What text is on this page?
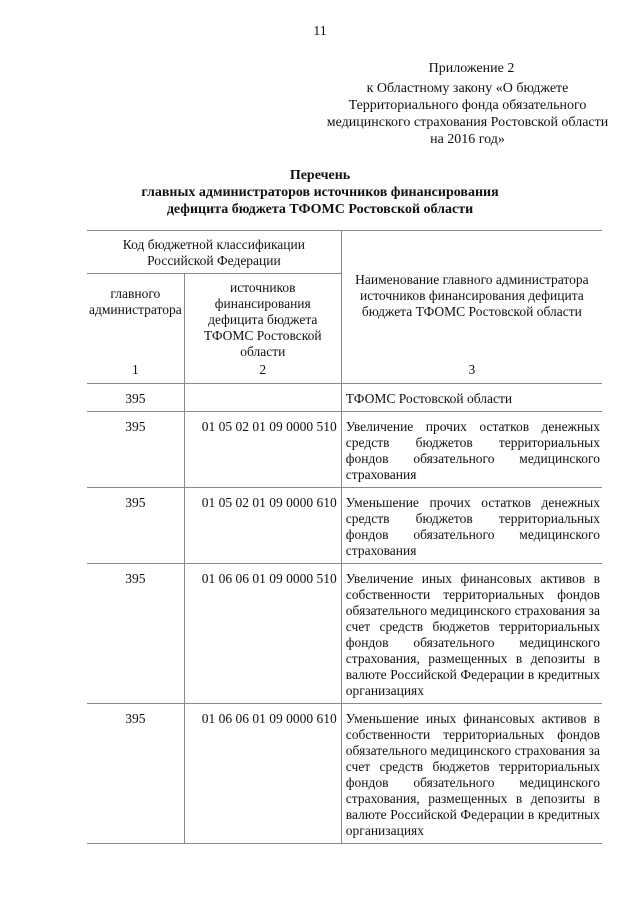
11
Приложение 2
к Областному закону «О бюджете Территориального фонда обязательного медицинского страхования Ростовской области на 2016 год»
Перечень
главных администраторов источников финансирования
дефицита бюджета ТФОМС Ростовской области
Код бюджетной классификации Российской Федерации		Наименование главного администратора источников финансирования дефицита бюджета ТФОМС Ростовской области
главного администратора	источников финансирования дефицита бюджета ТФОМС Ростовской области	
1	2	3
395		ТФОМС Ростовской области
395	01 05 02 01 09 0000 510	Увеличение прочих остатков денежных средств бюджетов территориальных фондов обязательного медицинского страхования
395	01 05 02 01 09 0000 610	Уменьшение прочих остатков денежных средств бюджетов территориальных фондов обязательного медицинского страхования
395	01 06 06 01 09 0000 510	Увеличение иных финансовых активов в собственности территориальных фондов обязательного медицинского страхования за счет средств бюджетов территориальных фондов обязательного медицинского страхования, размещенных в депозиты в валюте Российской Федерации в кредитных организациях
395	01 06 06 01 09 0000 610	Уменьшение иных финансовых активов в собственности территориальных фондов обязательного медицинского страхования за счет средств бюджетов территориальных фондов обязательного медицинского страхования, размещенных в депозиты в валюте Российской Федерации в кредитных организациях
